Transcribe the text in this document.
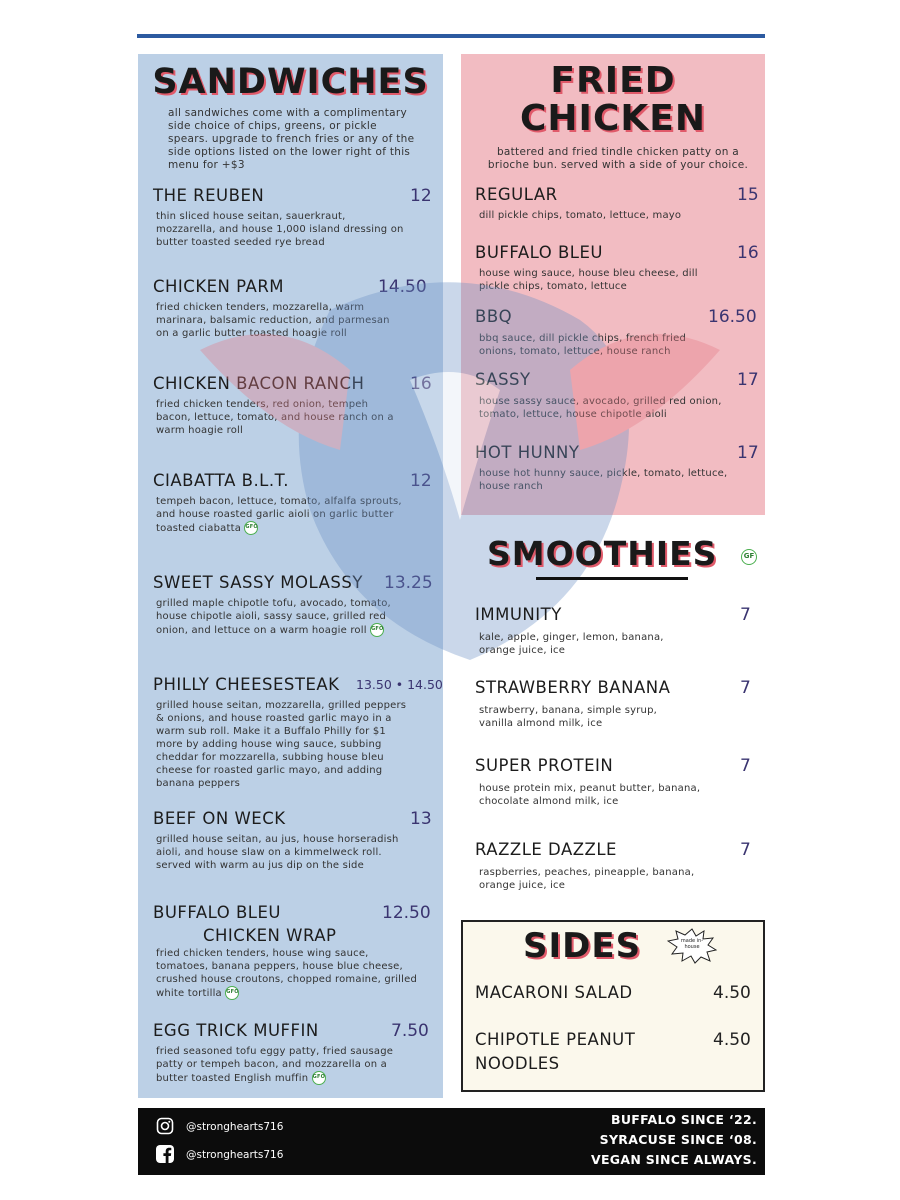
SANDWICHES
all sandwiches come with a complimentary side choice of chips, greens, or pickle spears. upgrade to french fries or any of the side options listed on the lower right of this menu for +$3
THE REUBEN	12
thin sliced house seitan, sauerkraut, mozzarella, and house 1,000 island dressing on butter toasted seeded rye bread
CHICKEN PARM	14.50
fried chicken tenders, mozzarella, warm marinara, balsamic reduction, and parmesan on a garlic butter toasted hoagie roll
CHICKEN BACON RANCH	16
fried chicken tenders, red onion, tempeh bacon, lettuce, tomato, and house ranch on a warm hoagie roll
CIABATTA B.L.T.	12
tempeh bacon, lettuce, tomato, alfalfa sprouts, and house roasted garlic aioli on garlic butter toasted ciabatta GFO
SWEET SASSY MOLASSY 13.25
grilled maple chipotle tofu, avocado, tomato, house chipotle aioli, sassy sauce, grilled red onion, and lettuce on a warm hoagie roll GFO
PHILLY CHEESESTEAK 13.50 • 14.50
grilled house seitan, mozzarella, grilled peppers & onions, and house roasted garlic mayo in a warm sub roll. Make it a Buffalo Philly for $1 more by adding house wing sauce, subbing cheddar for mozzarella, subbing house bleu cheese for roasted garlic mayo, and adding banana peppers
BEEF ON WECK	13
grilled house seitan, au jus, house horseradish aioli, and house slaw on a kimmelweck roll. served with warm au jus dip on the side
BUFFALO BLEU
CHICKEN WRAP
12.50
fried chicken tenders, house wing sauce, tomatoes, banana peppers, house blue cheese, crushed house croutons, chopped romaine, grilled white tortilla GFO
EGG TRICK MUFFIN	7.50
fried seasoned tofu eggy patty, fried sausage patty or tempeh bacon, and mozzarella on a butter toasted English muffin GFO
FRIED
CHICKEN
battered and fried tindle chicken patty on a brioche bun. served with a side of your choice.
REGULAR	15
dill pickle chips, tomato, lettuce, mayo
BUFFALO BLEU	16
house wing sauce, house bleu cheese, dill pickle chips, tomato, lettuce
BBQ	16.50
bbq sauce, dill pickle chips, french fried onions, tomato, lettuce, house ranch
SASSY	17
house sassy sauce, avocado, grilled red onion, tomato, lettuce, house chipotle aioli
HOT HUNNY	17
house hot hunny sauce, pickle, tomato, lettuce, house ranch
SMOOTHIES	GF
IMMUNITY	7
kale, apple, ginger, lemon, banana, orange juice, ice
STRAWBERRY BANANA	7
strawberry, banana, simple syrup, vanilla almond milk, ice
SUPER PROTEIN	7
house protein mix, peanut butter, banana, chocolate almond milk, ice
RAZZLE DAZZLE	7
raspberries, peaches, pineapple, banana, orange juice, ice
SIDES	made in-house
MACARONI SALAD	4.50
CHIPOTLE PEANUT
NOODLES
4.50
@stronghearts716
@stronghearts716
BUFFALO SINCE ‘22.
SYRACUSE SINCE ‘08.
VEGAN SINCE ALWAYS.
